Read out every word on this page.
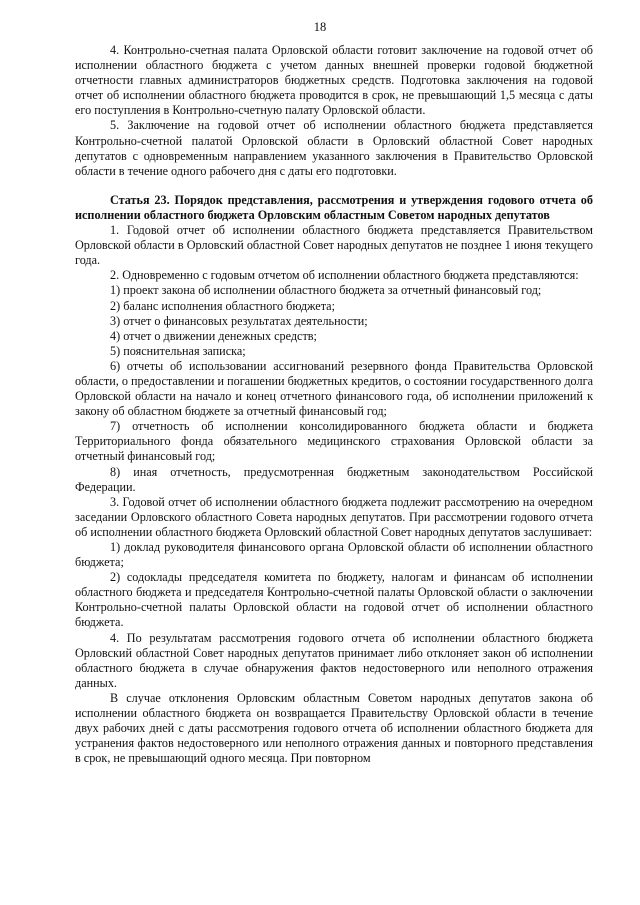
18

4. Контрольно-счетная палата Орловской области готовит заключение на годовой отчет об исполнении областного бюджета с учетом данных внешней проверки годовой бюджетной отчетности главных администраторов бюджетных средств. Подготовка заключения на годовой отчет об исполнении областного бюджета проводится в срок, не превышающий 1,5 месяца с даты его поступления в Контрольно-счетную палату Орловской области.

5. Заключение на годовой отчет об исполнении областного бюджета представляется Контрольно-счетной палатой Орловской области в Орловский областной Совет народных депутатов с одновременным направлением указанного заключения в Правительство Орловской области в течение одного рабочего дня с даты его подготовки.

Статья 23. Порядок представления, рассмотрения и утверждения годового отчета об исполнении областного бюджета Орловским областным Советом народных депутатов

1. Годовой отчет об исполнении областного бюджета представляется Правительством Орловской области в Орловский областной Совет народных депутатов не позднее 1 июня текущего года.

2. Одновременно с годовым отчетом об исполнении областного бюджета представляются:

1) проект закона об исполнении областного бюджета за отчетный финансовый год;

2) баланс исполнения областного бюджета;

3) отчет о финансовых результатах деятельности;

4) отчет о движении денежных средств;

5) пояснительная записка;

6) отчеты об использовании ассигнований резервного фонда Правительства Орловской области, о предоставлении и погашении бюджетных кредитов, о состоянии государственного долга Орловской области на начало и конец отчетного финансового года, об исполнении приложений к закону об областном бюджете за отчетный финансовый год;

7) отчетность об исполнении консолидированного бюджета области и бюджета Территориального фонда обязательного медицинского страхования Орловской области за отчетный финансовый год;

8) иная отчетность, предусмотренная бюджетным законодательством Российской Федерации.

3. Годовой отчет об исполнении областного бюджета подлежит рассмотрению на очередном заседании Орловского областного Совета народных депутатов. При рассмотрении годового отчета об исполнении областного бюджета Орловский областной Совет народных депутатов заслушивает:

1) доклад руководителя финансового органа Орловской области об исполнении областного бюджета;

2) содоклады председателя комитета по бюджету, налогам и финансам об исполнении областного бюджета и председателя Контрольно-счетной палаты Орловской области о заключении Контрольно-счетной палаты Орловской области на годовой отчет об исполнении областного бюджета.

4. По результатам рассмотрения годового отчета об исполнении областного бюджета Орловский областной Совет народных депутатов принимает либо отклоняет закон об исполнении областного бюджета в случае обнаружения фактов недостоверного или неполного отражения данных.

В случае отклонения Орловским областным Советом народных депутатов закона об исполнении областного бюджета он возвращается Правительству Орловской области в течение двух рабочих дней с даты рассмотрения годового отчета об исполнении областного бюджета для устранения фактов недостоверного или неполного отражения данных и повторного представления в срок, не превышающий одного месяца. При повторном
